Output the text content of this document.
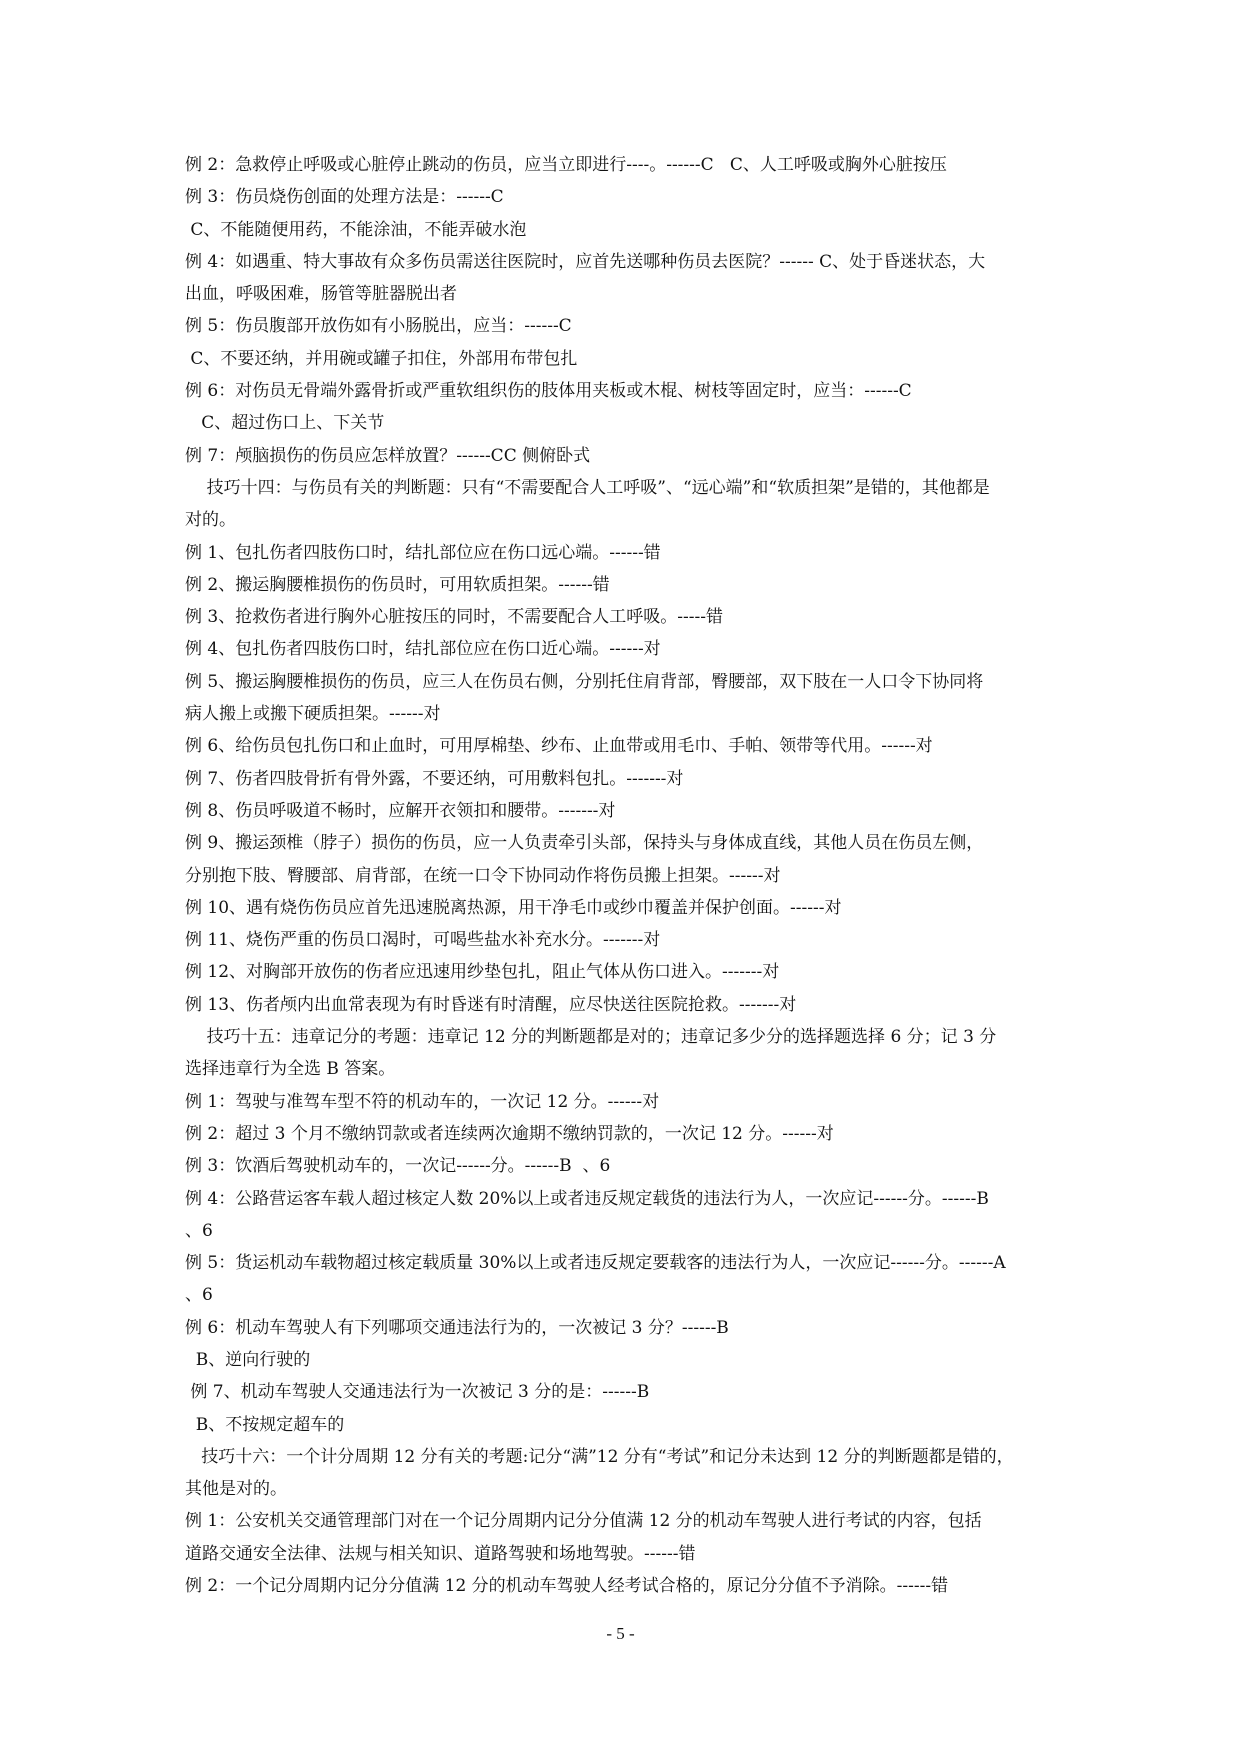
例 2：急救停止呼吸或心脏停止跳动的伤员，应当立即进行----。------C   C、人工呼吸或胸外心脏按压
例 3：伤员烧伤创面的处理方法是：------C
C、不能随便用药，不能涂油，不能弄破水泡
例 4：如遇重、特大事故有众多伤员需送往医院时，应首先送哪种伤员去医院？------ C、处于昏迷状态，大
出血，呼吸困难，肠管等脏器脱出者
例 5：伤员腹部开放伤如有小肠脱出，应当：------C
C、不要还纳，并用碗或罐子扣住，外部用布带包扎
例 6：对伤员无骨端外露骨折或严重软组织伤的肢体用夹板或木棍、树枝等固定时，应当：------C
C、超过伤口上、下关节
例 7：颅脑损伤的伤员应怎样放置？------CC 侧俯卧式
技巧十四：与伤员有关的判断题：只有“不需要配合人工呼吸”、“远心端”和“软质担架”是错的，其他都是
对的。
例 1、包扎伤者四肢伤口时，结扎部位应在伤口远心端。------错
例 2、搬运胸腰椎损伤的伤员时，可用软质担架。------错
例 3、抢救伤者进行胸外心脏按压的同时，不需要配合人工呼吸。-----错
例 4、包扎伤者四肢伤口时，结扎部位应在伤口近心端。------对
例 5、搬运胸腰椎损伤的伤员，应三人在伤员右侧，分别托住肩背部，臀腰部，双下肢在一人口令下协同将
病人搬上或搬下硬质担架。------对
例 6、给伤员包扎伤口和止血时，可用厚棉垫、纱布、止血带或用毛巾、手帕、领带等代用。------对
例 7、伤者四肢骨折有骨外露，不要还纳，可用敷料包扎。-------对
例 8、伤员呼吸道不畅时，应解开衣领扣和腰带。-------对
例 9、搬运颈椎（脖子）损伤的伤员，应一人负责牵引头部，保持头与身体成直线，其他人员在伤员左侧，
分别抱下肢、臀腰部、肩背部，在统一口令下协同动作将伤员搬上担架。------对
例 10、遇有烧伤伤员应首先迅速脱离热源，用干净毛巾或纱巾覆盖并保护创面。------对
例 11、烧伤严重的伤员口渴时，可喝些盐水补充水分。-------对
例 12、对胸部开放伤的伤者应迅速用纱垫包扎，阻止气体从伤口进入。-------对
例 13、伤者颅内出血常表现为有时昏迷有时清醒，应尽快送往医院抢救。-------对
技巧十五：违章记分的考题：违章记 12 分的判断题都是对的；违章记多少分的选择题选择 6 分；记 3 分
选择违章行为全选 B 答案。
例 1：驾驶与准驾车型不符的机动车的，一次记 12 分。------对
例 2：超过 3 个月不缴纳罚款或者连续两次逾期不缴纳罚款的，一次记 12 分。------对
例 3：饮酒后驾驶机动车的，一次记------分。------B  、6
例 4：公路营运客车载人超过核定人数 20%以上或者违反规定载货的违法行为人，一次应记------分。------B
、6
例 5：货运机动车载物超过核定载质量 30%以上或者违反规定要载客的违法行为人，一次应记------分。------A
、6
例 6：机动车驾驶人有下列哪项交通违法行为的，一次被记 3 分？------B
B、逆向行驶的
例 7、机动车驾驶人交通违法行为一次被记 3 分的是：------B
B、不按规定超车的
技巧十六：一个计分周期 12 分有关的考题:记分“满”12 分有“考试”和记分未达到 12 分的判断题都是错的，
其他是对的。
例 1：公安机关交通管理部门对在一个记分周期内记分分值满 12 分的机动车驾驶人进行考试的内容，包括
道路交通安全法律、法规与相关知识、道路驾驶和场地驾驶。------错
例 2：一个记分周期内记分分值满 12 分的机动车驾驶人经考试合格的，原记分分值不予消除。------错
- 5 -
